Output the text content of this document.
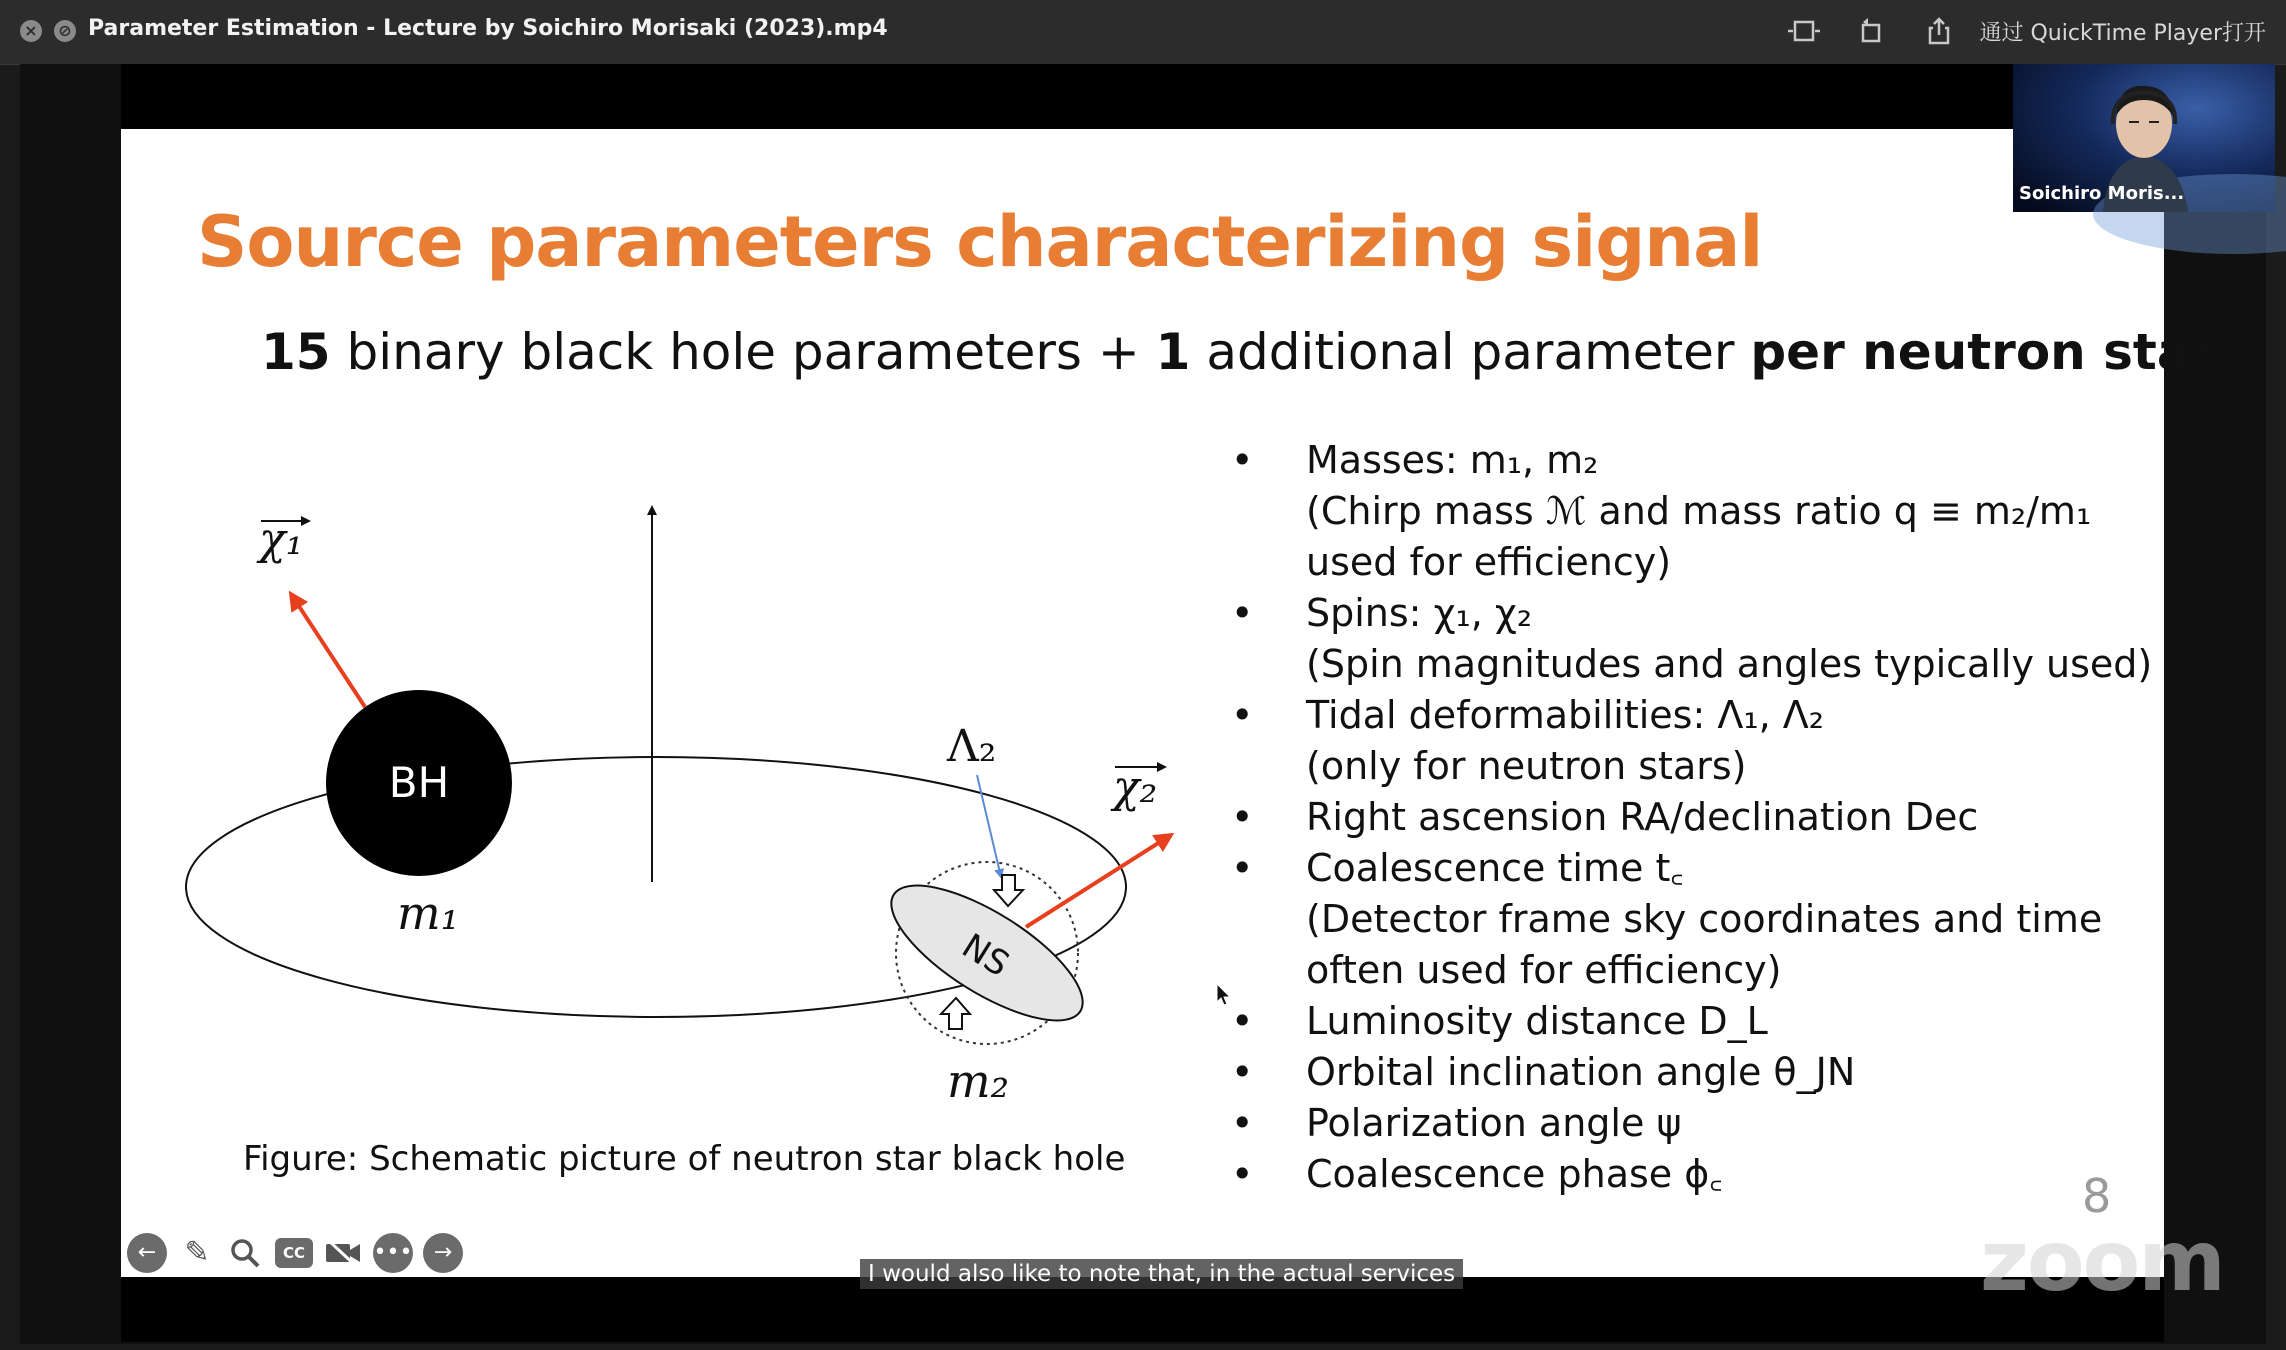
× ⊘ Parameter Estimation - Lecture by Soichiro Morisaki (2023).mp4	通过 QuickTime Player打开
Source parameters characterizing signal
15 binary black hole parameters + 1 additional parameter per neutron star
χ₁
χ₂
Λ₂
BH
NS
m₁
m₂
Figure: Schematic picture of neutron star black hole
• Masses: m₁, m₂
(Chirp mass ℳ and mass ratio q ≡ m₂/m₁
used for efficiency)
• Spins: χ₁, χ₂
(Spin magnitudes and angles typically used)
• Tidal deformabilities: Λ₁, Λ₂
(only for neutron stars)
• Right ascension RA/declination Dec
• Coalescence time t꜀
(Detector frame sky coordinates and time
often used for efficiency)
• Luminosity distance D_L
• Orbital inclination angle θ_JN
• Polarization angle ψ
• Coalescence phase ϕ꜀	8
← ✎	CC	••• →
Soichiro Moris...
I would also like to note that, in the actual services	zoom
